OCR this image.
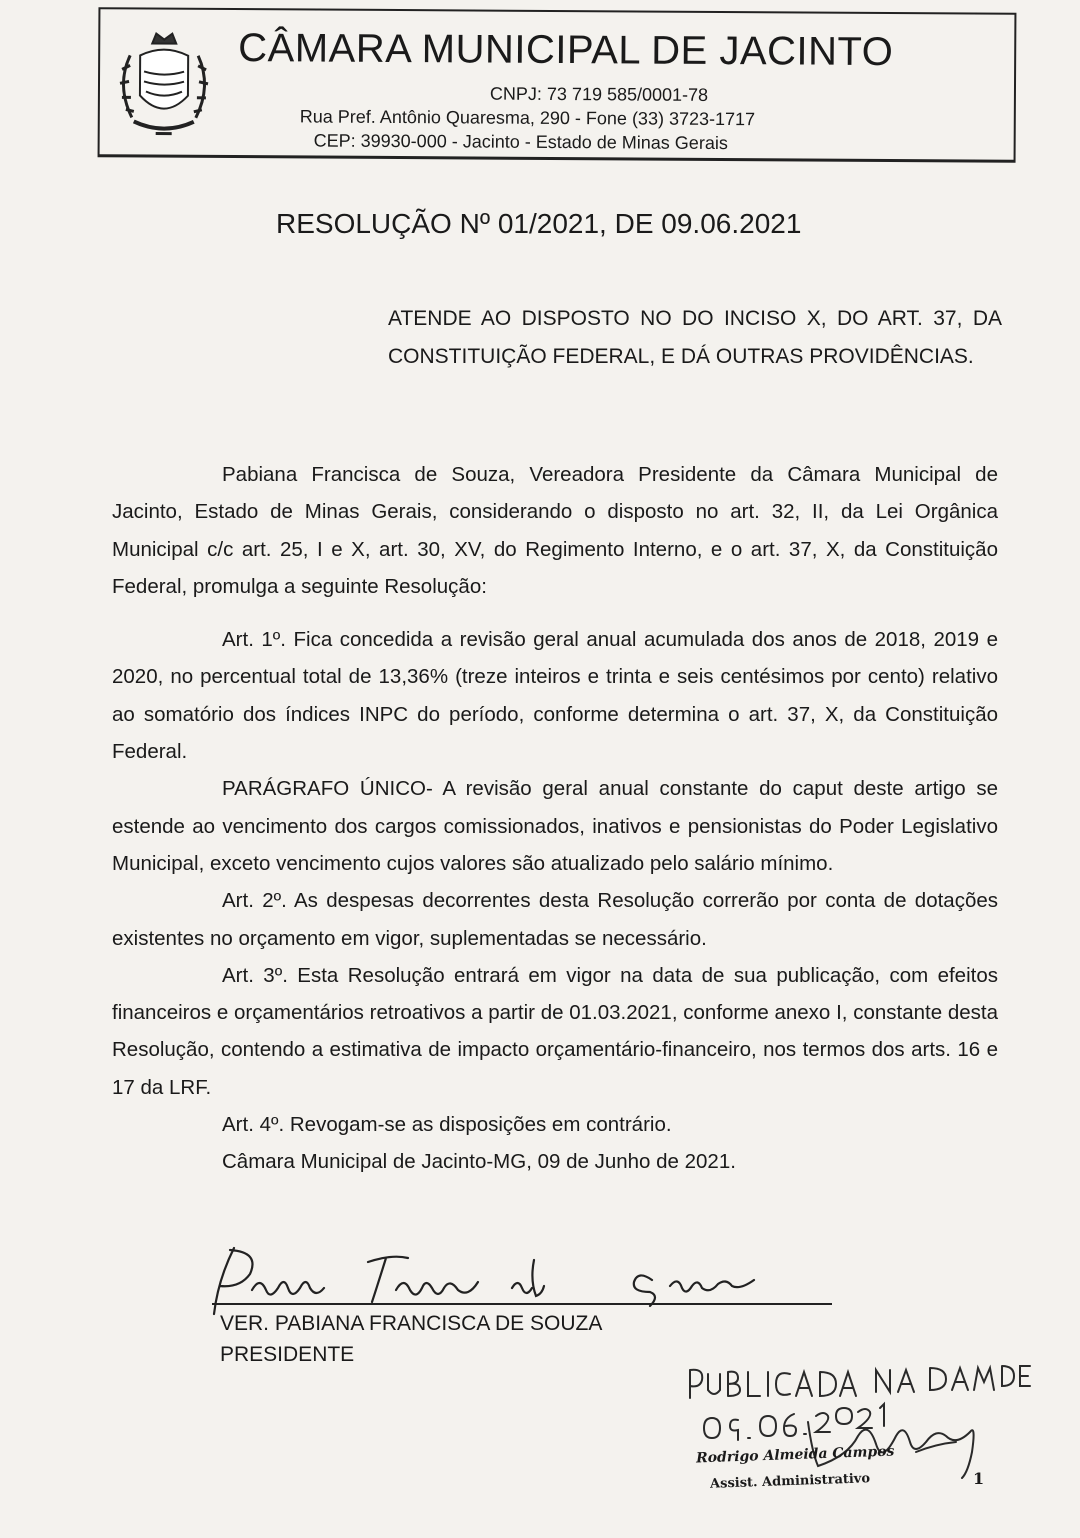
CÂMARA MUNICIPAL DE JACINTO
CNPJ: 73 719 585/0001-78
Rua Pref. Antônio Quaresma, 290 - Fone (33) 3723-1717
CEP: 39930-000 - Jacinto - Estado de Minas Gerais
RESOLUÇÃO Nº 01/2021, DE 09.06.2021
ATENDE AO DISPOSTO NO DO INCISO X, DO ART. 37, DA CONSTITUIÇÃO FEDERAL, E DÁ OUTRAS PROVIDÊNCIAS.

Pabiana Francisca de Souza, Vereadora Presidente da Câmara Municipal de Jacinto, Estado de Minas Gerais, considerando o disposto no art. 32, II, da Lei Orgânica Municipal c/c art. 25, I e X, art. 30, XV, do Regimento Interno, e o art. 37, X, da Constituição Federal, promulga a seguinte Resolução:

Art. 1º. Fica concedida a revisão geral anual acumulada dos anos de 2018, 2019 e 2020, no percentual total de 13,36% (treze inteiros e trinta e seis centésimos por cento) relativo ao somatório dos índices INPC do período, conforme determina o art. 37, X, da Constituição Federal.

PARÁGRAFO ÚNICO- A revisão geral anual constante do caput deste artigo se estende ao vencimento dos cargos comissionados, inativos e pensionistas do Poder Legislativo Municipal, exceto vencimento cujos valores são atualizado pelo salário mínimo.

Art. 2º. As despesas decorrentes desta Resolução correrão por conta de dotações existentes no orçamento em vigor, suplementadas se necessário.

Art. 3º. Esta Resolução entrará em vigor na data de sua publicação, com efeitos financeiros e orçamentários retroativos a partir de 01.03.2021, conforme anexo I, constante desta Resolução, contendo a estimativa de impacto orçamentário-financeiro, nos termos dos arts. 16 e 17 da LRF.

Art. 4º. Revogam-se as disposições em contrário.

Câmara Municipal de Jacinto-MG, 09 de Junho de 2021.

VER. PABIANA FRANCISCA DE SOUZA
PRESIDENTE
Rodrigo Almeida Campos
Assist. Administrativo	1
